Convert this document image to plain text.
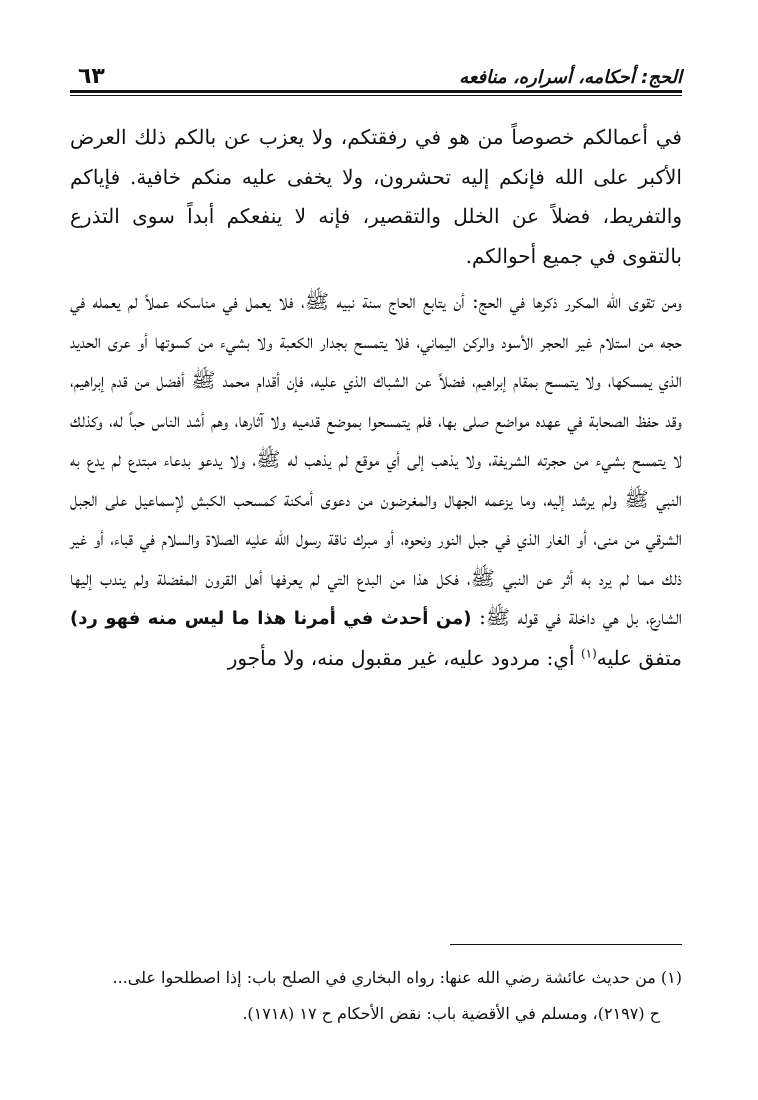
الحج: أحكامه، أسراره، منافعه
٦٣

في أعمالكم خصوصاً من هو في رفقتكم، ولا يعزب عن بالكم ذلك العرض الأكبر على الله فإنكم إليه تحشرون، ولا يخفى عليه منكم خافية. فإياكم والتفريط، فضلاً عن الخلل والتقصير، فإنه لا ينفعكم أبداً سوى التذرع بالتقوى في جميع أحوالكم.

ومن تقوى الله المكرر ذكرها في الحج: أن يتابع الحاج سنة نبيه ﷺ، فلا يعمل في مناسكه عملاً لم يعمله في حجه من استلام غير الحجر الأسود والركن اليماني، فلا يتمسح بجدار الكعبة ولا بشيء من كسوتها أو عرى الحديد الذي يمسكها، ولا يتمسح بمقام إبراهيم، فضلاً عن الشباك الذي عليه، فإن أقدام محمد ﷺ أفضل من قدم إبراهيم، وقد حفظ الصحابة في عهده مواضع صلى بها، فلم يتمسحوا بموضع قدميه ولا آثارها، وهم أشد الناس حباً له، وكذلك لا يتمسح بشيء من حجرته الشريفة، ولا يذهب إلى أي موقع لم يذهب له ﷺ، ولا يدعو بدعاء مبتدع لم يدع به النبي ﷺ ولم يرشد إليه، وما يزعمه الجهال والمغرضون من دعوى أمكنة كمسحب الكبش لإسماعيل على الجبل الشرقي من منى، أو الغار الذي في جبل النور ونحوه، أو مبرك ناقة رسول الله عليه الصلاة والسلام في قباء، أو غير ذلك مما لم يرد به أثر عن النبي ﷺ، فكل هذا من البدع التي لم يعرفها أهل القرون المفضلة ولم يندب إليها الشارع، بل هي داخلة في قوله ﷺ: (من أحدث في أمرنا هذا ما ليس منه فهو رد) متفق عليه$^{(١)}$ أي: مردود عليه، غير مقبول منه، ولا مأجور

(١) من حديث عائشة رضي الله عنها: رواه البخاري في الصلح باب: إذا اصطلحوا على...

ح (٢١٩٧)، ومسلم في الأقضية باب: نقض الأحكام ح ١٧ (١٧١٨).
